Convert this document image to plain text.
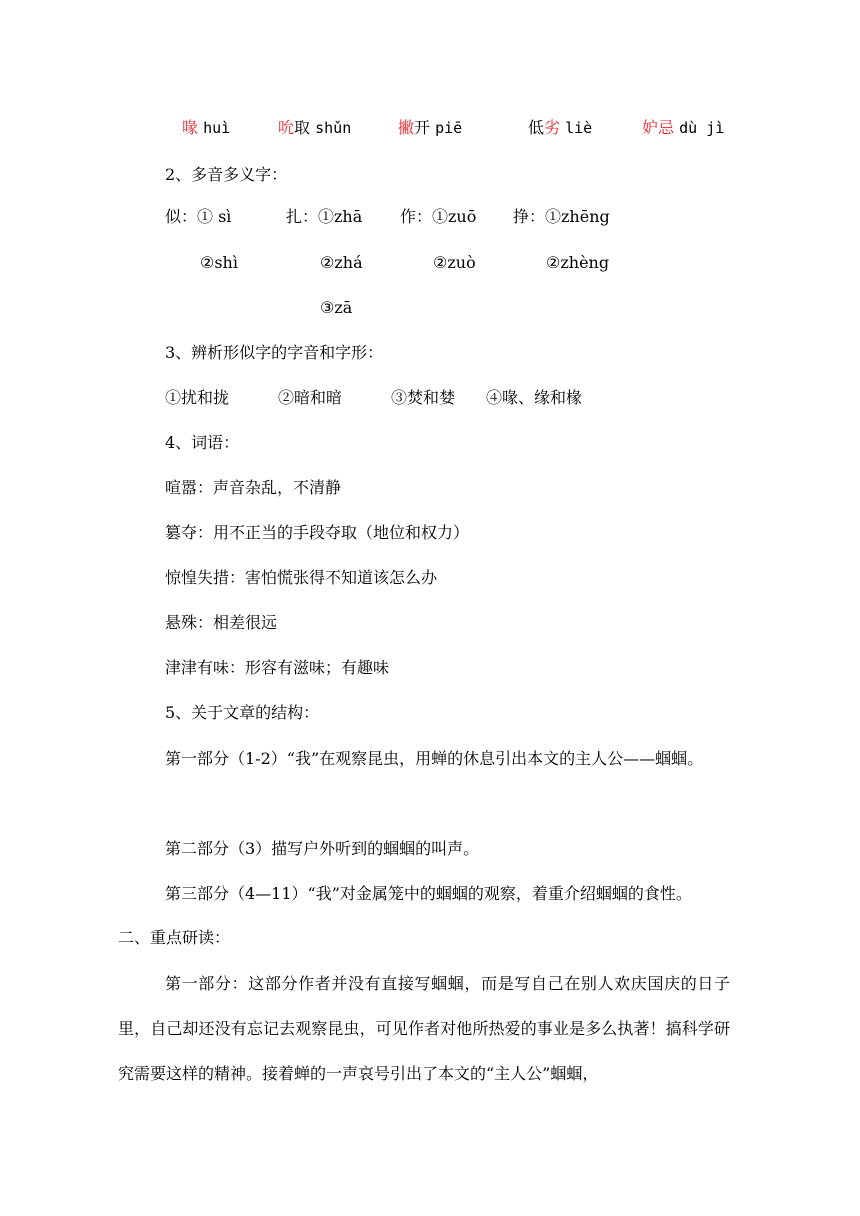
喙 huì	吮取 shǔn	撇开 piē	低劣 liè	妒忌 dù jì
2、多音多义字：
似：① sì	扎：①zhā 作：①zuō 挣：①zhēng
②shì	②zhá	②zuò	②zhèng
③zā
3、辨析形似字的字音和字形：
①扰和拢	②暗和暗	③焚和婪 ④喙、缘和椽
4、词语：
喧嚣：声音杂乱，不清静
篡夺：用不正当的手段夺取（地位和权力）
惊惶失措：害怕慌张得不知道该怎么办
悬殊：相差很远
津津有味：形容有滋味；有趣味
5、关于文章的结构：
第一部分（1-2）“我”在观察昆虫，用蝉的休息引出本文的主人公——蝈蝈。
第二部分（3）描写户外听到的蝈蝈的叫声。
第三部分（4—11）“我”对金属笼中的蝈蝈的观察，着重介绍蝈蝈的食性。
二、重点研读：
第一部分：这部分作者并没有直接写蝈蝈，而是写自己在别人欢庆国庆的日子里，自己却还没有忘记去观察昆虫，可见作者对他所热爱的事业是多么执著！搞科学研究需要这样的精神。接着蝉的一声哀号引出了本文的“主人公”蝈蝈，
